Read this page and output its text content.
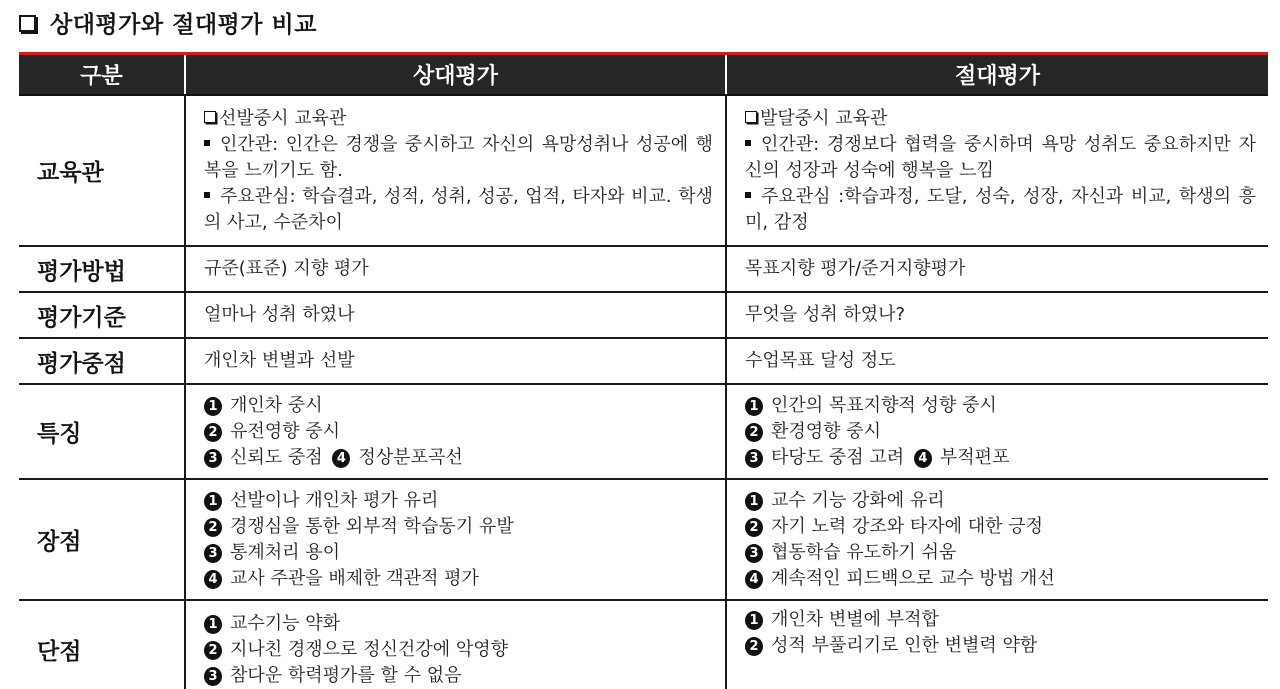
상대평가와 절대평가 비교
구분	상대평가	절대평가
교육관	선발중시 교육관
인간관: 인간은 경쟁을 중시하고 자신의 욕망성취나 성공에 행복을 느끼기도 함.
주요관심: 학습결과, 성적, 성취, 성공, 업적, 타자와 비교. 학생의 사고, 수준차이	발달중시 교육관
인간관: 경쟁보다 협력을 중시하며 욕망 성취도 중요하지만 자신의 성장과 성숙에 행복을 느낌
주요관심 :학습과정, 도달, 성숙, 성장, 자신과 비교, 학생의 흥미, 감정

평가방법	규준(표준) 지향 평가	목표지향 평가/준거지향평가
평가기준	얼마나 성취 하였나	무엇을 성취 하였나?
평가중점	개인차 변별과 선발	수업목표 달성 정도
특징	1 개인차 중시
2 유전영향 중시
3 신뢰도 중점 4 정상분포곡선	1 인간의 목표지향적 성향 중시
2 환경영향 중시
3 타당도 중점 고려 4 부적편포

장점	1 선발이나 개인차 평가 유리
2 경쟁심을 통한 외부적 학습동기 유발
3 통계처리 용이
4 교사 주관을 배제한 객관적 평가	1 교수 기능 강화에 유리
2 자기 노력 강조와 타자에 대한 긍정
3 협동학습 유도하기 쉬움
4 계속적인 피드백으로 교수 방법 개선

단점	1 교수기능 약화
2 지나친 경쟁으로 정신건강에 악영향
3 참다운 학력평가를 할 수 없음	1 개인차 변별에 부적합
2 성적 부풀리기로 인한 변별력 약함
